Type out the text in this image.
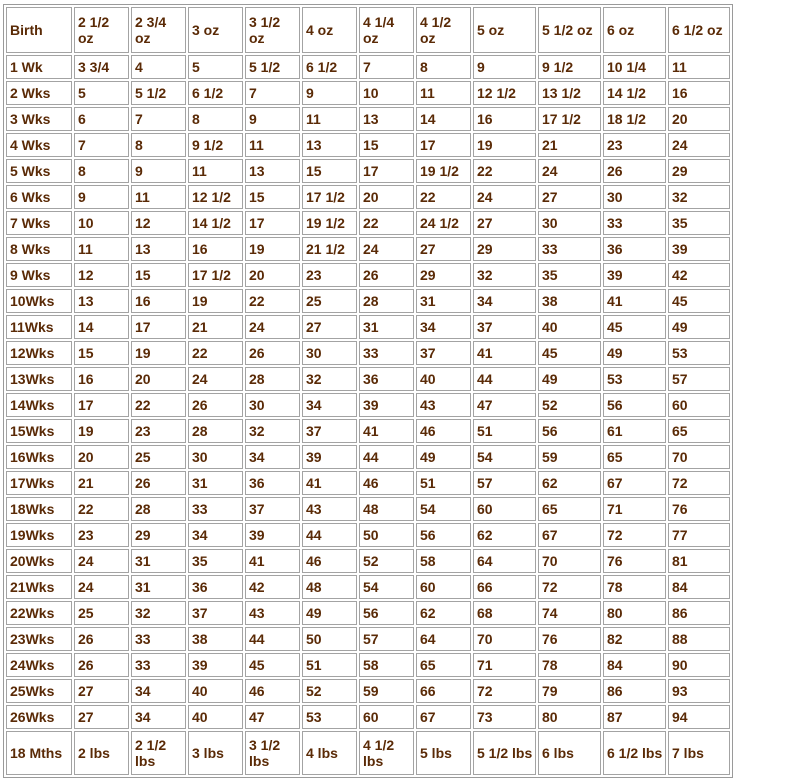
Birth	2 1/2 oz	2 3/4 oz	3 oz	3 1/2 oz	4 oz	4 1/4 oz	4 1/2 oz	5 oz	5 1/2 oz	6 oz	6 1/2 oz
1 Wk	3 3/4	4	5	5 1/2	6 1/2	7	8	9	9 1/2	10 1/4	11
2 Wks	5	5 1/2	6 1/2	7	9	10	11	12 1/2	13 1/2	14 1/2	16
3 Wks	6	7	8	9	11	13	14	16	17 1/2	18 1/2	20
4 Wks	7	8	9 1/2	11	13	15	17	19	21	23	24
5 Wks	8	9	11	13	15	17	19 1/2	22	24	26	29
6 Wks	9	11	12 1/2	15	17 1/2	20	22	24	27	30	32
7 Wks	10	12	14 1/2	17	19 1/2	22	24 1/2	27	30	33	35
8 Wks	11	13	16	19	21 1/2	24	27	29	33	36	39
9 Wks	12	15	17 1/2	20	23	26	29	32	35	39	42
10Wks	13	16	19	22	25	28	31	34	38	41	45
11Wks	14	17	21	24	27	31	34	37	40	45	49
12Wks	15	19	22	26	30	33	37	41	45	49	53
13Wks	16	20	24	28	32	36	40	44	49	53	57
14Wks	17	22	26	30	34	39	43	47	52	56	60
15Wks	19	23	28	32	37	41	46	51	56	61	65
16Wks	20	25	30	34	39	44	49	54	59	65	70
17Wks	21	26	31	36	41	46	51	57	62	67	72
18Wks	22	28	33	37	43	48	54	60	65	71	76
19Wks	23	29	34	39	44	50	56	62	67	72	77
20Wks	24	31	35	41	46	52	58	64	70	76	81
21Wks	24	31	36	42	48	54	60	66	72	78	84
22Wks	25	32	37	43	49	56	62	68	74	80	86
23Wks	26	33	38	44	50	57	64	70	76	82	88
24Wks	26	33	39	45	51	58	65	71	78	84	90
25Wks	27	34	40	46	52	59	66	72	79	86	93
26Wks	27	34	40	47	53	60	67	73	80	87	94
18 Mths	2 lbs	2 1/2 lbs	3 lbs	3 1/2 lbs	4 lbs	4 1/2 lbs	5 lbs	5 1/2 lbs	6 lbs	6 1/2 lbs	7 lbs
